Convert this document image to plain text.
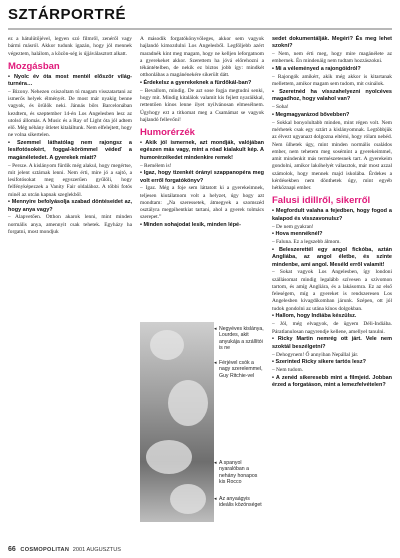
SZTÁRPORTRÉ

ez a hátulütőjével, legyen szó filmről, zenéről vagy bármi másról. Akkor tudunk igazán, hogy jól mennek végeztem, halálom, a közön-ség is újjáválasztott alkatt.

Mozgásban

• Nyolc év óta most mentél először világ-turnéra…

– Bizony. Nehezen csiszoltam tú magam visszatartani az ismerős helyek élményét. De most már nyakig benne vagyok, és örülök neki. Jánnás bőrs Barcelonában kezdtem, és szeptember 14-én Los Angelesben lesz az utolsó állomás. A Music és a Ray of Light óta jól adtem elő. Még néhány ötletet kitaláltunk. Nem elfelejtett, hogy ne volna sikertelen.

• Szemmel láthatólag nem rajongsz a lesifotósokért, foggal-körömmel védeď a magánéletedet. A gyerekek miatt?

– Persze. A kislányom fürdik még alakul, hogy megértse, mit jelent sztárnak lenni. Nem érti, mire jó a sajtó, a lesifotósokat meg egyszerűen gyűlöli, hogy felfényképezzek a Vanity Fair oldalához. A többi fotós minél az utcán kapnak szeglekből.

• Mennyire befolyásolja szabad döntéseidet az, hogy anya vagy?

– Alapvetően. Otthon akarok lenni, mint minden normális anya, amennyit csak tehetek. Egyházy ha forgatni, most mondjuk

A második forgatókönyvöleges, akkor sem vagyok hajlandó kimozdulni Los Angelesből. Legföljebb azért maradnék kint meg magam, hogy ne kelljen leforgatnom a gyerekeket akkor. Szerettem ha jóvá előrehozni a tékántételben, de nekik ez biztos jobb így: mindkét otthonlábas a magánénekére sikerült dátt.

• Érdekelsz a gyerekeknek a fürdőkál-ban?

– Bevallom, mindig. De azt sose fogja megtudni senki, hogy mit. Mindig kitalálok valamit kis fejlett nyaráikkal, rettentően kínos lenne ilyet nyilvánosan elmesélnem. Úgyhogy ezt a titkomat meg a Csamámat se vagyok hajlandó fellevőni!

Humorérzék

• Akik jól ismernek, azt mondják, valójában egészen más vagy, mint a róad kialakult kép. A humorérzékedet mindenkire remek!

– Remélem is!

• Igaz, hogy tizenkét órányi szappanopéra meg volt erről forgatókönyv?

– Igaz. Még a foje sem láttatott ki a gyerekeimnek, teljesen kiutálatnom volt a helyzet, úgy hogy azt mondtam: „Na szeressetek, átmegyek a szomszéd osztályra megpihentkiat tartani, ahol a gyerek tolmács szerepet.”

• Minden sohajodat lesik, minden lépé-

◂ Negyéves kislánya, Lourdes, akit anyukája a szállítói is ne
◂ Férjével csók a nagy szerelemmel, Guy Ritchie-vel
◂ A spanyol nyaralóban a nehány honapos kis Rocco
◂ Az anyaágyis ideális közönséget

sedet dokumentálják. Megéri? És meg lehet szokni?

– Nem, nem érti meg, hogy mire magánélete az embernek. Én mindenáig nem tudtam hozzászokni.

• Mi a véleményed a rajongóidról?

– Rajongók amikért, akik még akkor is kitartanak mellettem, amikor magam sem tudom, mit csinálok.

• Szeretnéd ha vísszahelyezni nyolcéves magadhoz, hogy valahol van?

– Soha!

• Megmagyarázod bővebben?

– Sokkal bonyolultabb minden, mint régen volt. Nem mérhetek csak egy sztárt a kislányomnak. Legtöbbjük az élvezt ugyanazt dolgozna eltérni, hogy rólam nebéd. Nem ülhetek úgy, mint minden normális családos ember, nem tehetem meg sosémint a gyerekeimmel, amit mindenkit más természetesnek tart. A gyerekeim gondolni, amikor lakóhelyét választok, már most azzal számolok, hogy mennek majd iskolába. Érdekes a kérdésekben nem dönthetek úgy, mint egyéb hétköznapi ember.

Falusi idillről, sikerről

• Megfordult valaha a fejedben, hogy fogod a kalapod és visszavonulsz?

– De nem gyakran!

• Hova mennéknél?

– Faluna. Ez a legszebb álmom.

• Beleszerettél egy angol fickóba, aztán Angliába, az angol életbe, és szinte mindenbe, ami angol. Meséld erről valamit!

– Sokat vagyok Los Angelesben, így londoni szállásomat mindig legalább szívesen a szívomon tartom, és amíg Angliára, és a lakásomra. Ez az első feleségem, míg a gyereket is rendszeresen Los Angelesben kivagdikomban járunk. Szépen, ott jól tudok gondolni az utána kínos dolgokban.

• Hallom, hogy Indiába készülsz.

– Jól, még elvagyok, de ügyem Déli-Indiába. Páratlanulosan nagyrendje kellene, amellyel tanulni.

• Ricky Martin nemrég ott járt. Vele nem szoktál beszélgetni?

– Dehogynem! Ő annyiban Nepállal jár.

• Szerinted Ricky sikere tartós lesz?

– Nem tudom.

• A zenéd sikeresebb mint a filmjeid. Jobban érzed a forgatáson, mint a lemezfelvételen?

66 COSMOPOLITAN 2001 AUGUSZTUS
